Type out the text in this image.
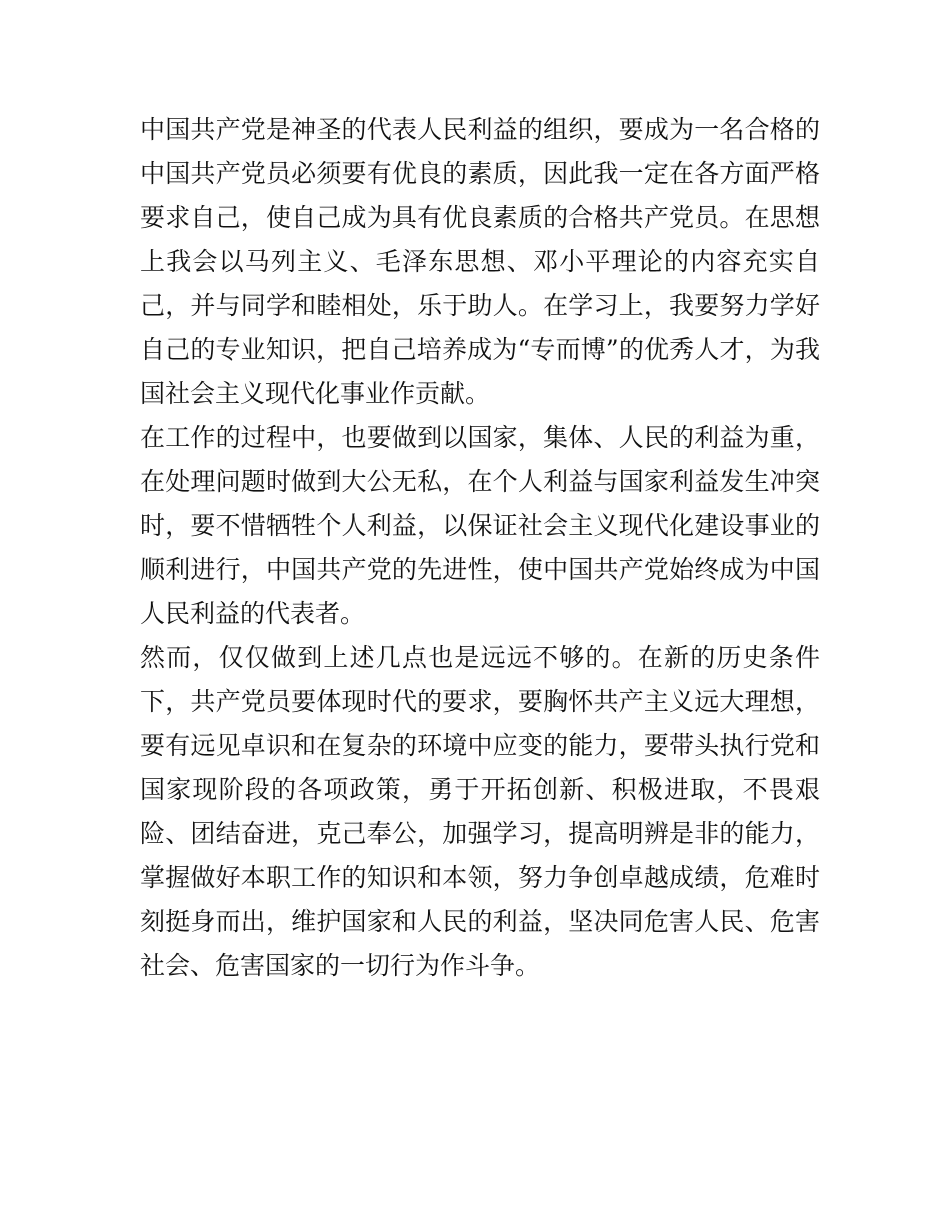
中国共产党是神圣的代表人民利益的组织，要成为一名合格的
中国共产党员必须要有优良的素质，因此我一定在各方面严格
要求自己，使自己成为具有优良素质的合格共产党员。在思想
上我会以马列主义、毛泽东思想、邓小平理论的内容充实自
己，并与同学和睦相处，乐于助人。在学习上，我要努力学好
自己的专业知识，把自己培养成为“专而博”的优秀人才，为我
国社会主义现代化事业作贡献。
在工作的过程中，也要做到以国家，集体、人民的利益为重，
在处理问题时做到大公无私，在个人利益与国家利益发生冲突
时，要不惜牺牲个人利益，以保证社会主义现代化建设事业的
顺利进行，中国共产党的先进性，使中国共产党始终成为中国
人民利益的代表者。
然而，仅仅做到上述几点也是远远不够的。在新的历史条件
下，共产党员要体现时代的要求，要胸怀共产主义远大理想，
要有远见卓识和在复杂的环境中应变的能力，要带头执行党和
国家现阶段的各项政策，勇于开拓创新、积极进取，不畏艰
险、团结奋进，克己奉公，加强学习，提高明辨是非的能力，
掌握做好本职工作的知识和本领，努力争创卓越成绩，危难时
刻挺身而出，维护国家和人民的利益，坚决同危害人民、危害
社会、危害国家的一切行为作斗争。
